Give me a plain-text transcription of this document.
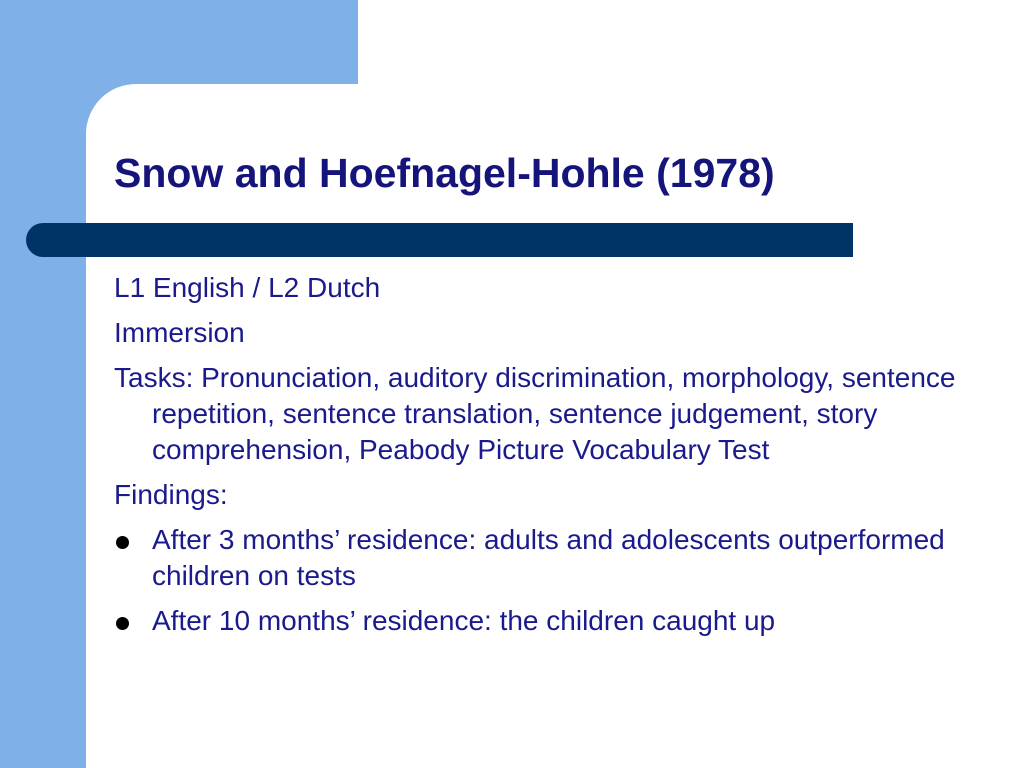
Snow and Hoefnagel-Hohle (1978)

L1 English / L2 Dutch

Immersion

Tasks: Pronunciation, auditory discrimination, morphology, sentence repetition, sentence translation, sentence judgement, story comprehension, Peabody Picture Vocabulary Test

Findings:

After 3 months’ residence: adults and adolescents outperformed children on tests
After 10 months’ residence: the children caught up
